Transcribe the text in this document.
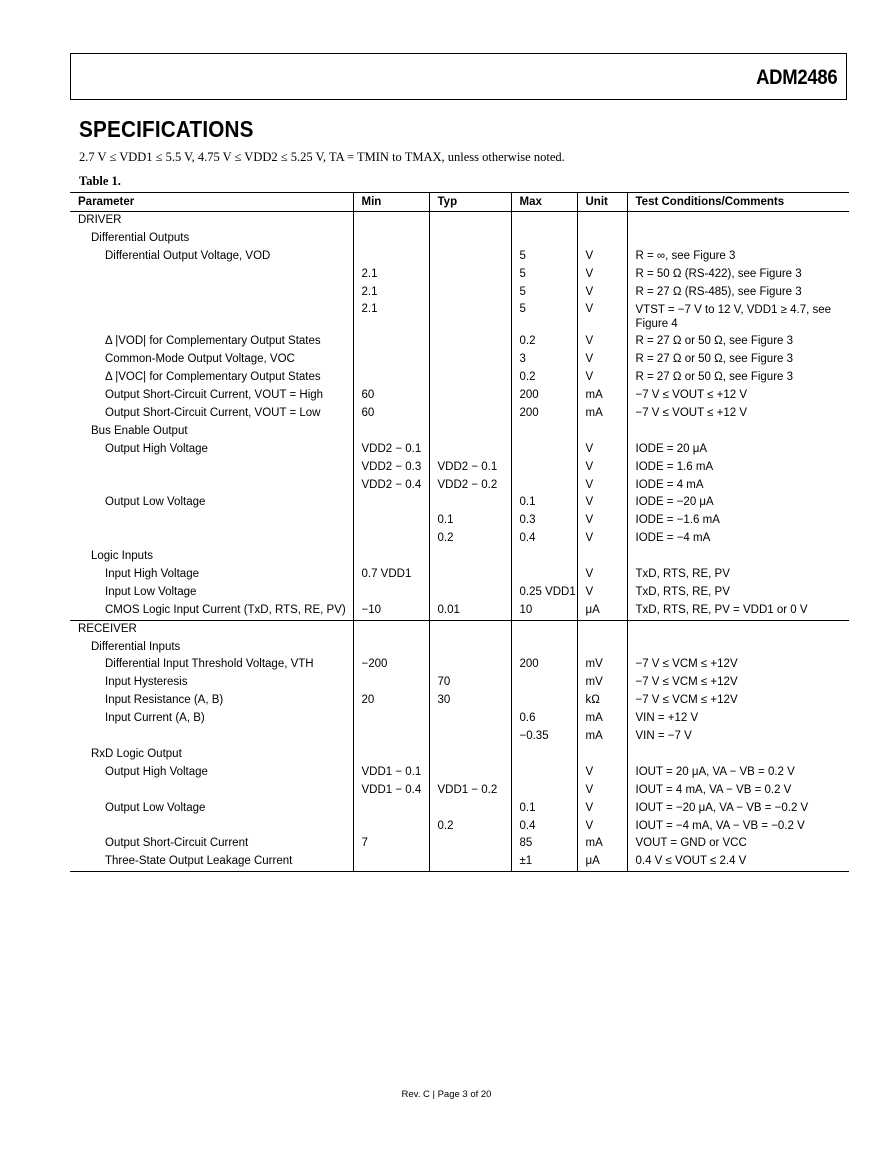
ADM2486
SPECIFICATIONS
2.7 V ≤ VDD1 ≤ 5.5 V, 4.75 V ≤ VDD2 ≤ 5.25 V, TA = TMIN to TMAX, unless otherwise noted.
Table 1.
Parameter	Min	Typ	Max	Unit	Test Conditions/Comments
DRIVER					
Differential Outputs					
Differential Output Voltage, VOD			5	V	R = ∞, see Figure 3
	2.1		5	V	R = 50 Ω (RS-422), see Figure 3
	2.1		5	V	R = 27 Ω (RS-485), see Figure 3
	2.1		5	V	VTST = −7 V to 12 V, VDD1 ≥ 4.7, see Figure 4
Δ |VOD| for Complementary Output States			0.2	V	R = 27 Ω or 50 Ω, see Figure 3
Common-Mode Output Voltage, VOC			3	V	R = 27 Ω or 50 Ω, see Figure 3
Δ |VOC| for Complementary Output States			0.2	V	R = 27 Ω or 50 Ω, see Figure 3
Output Short-Circuit Current, VOUT = High	60		200	mA	−7 V ≤ VOUT ≤ +12 V
Output Short-Circuit Current, VOUT = Low	60		200	mA	−7 V ≤ VOUT ≤ +12 V
Bus Enable Output					
Output High Voltage	VDD2 − 0.1			V	IODE = 20 μA
	VDD2 − 0.3	VDD2 − 0.1		V	IODE = 1.6 mA
	VDD2 − 0.4	VDD2 − 0.2		V	IODE = 4 mA
Output Low Voltage			0.1	V	IODE = −20 μA
		0.1	0.3	V	IODE = −1.6 mA
		0.2	0.4	V	IODE = −4 mA
Logic Inputs					
Input High Voltage	0.7 VDD1			V	TxD, RTS, RE, PV
Input Low Voltage			0.25 VDD1	V	TxD, RTS, RE, PV
CMOS Logic Input Current (TxD, RTS, RE, PV)	−10	0.01	10	μA	TxD, RTS, RE, PV = VDD1 or 0 V
RECEIVER					
Differential Inputs					
Differential Input Threshold Voltage, VTH	−200		200	mV	−7 V ≤ VCM ≤ +12V
Input Hysteresis		70		mV	−7 V ≤ VCM ≤ +12V
Input Resistance (A, B)	20	30		kΩ	−7 V ≤ VCM ≤ +12V
Input Current (A, B)			0.6	mA	VIN = +12 V
			−0.35	mA	VIN = −7 V
RxD Logic Output					
Output High Voltage	VDD1 − 0.1			V	IOUT = 20 μA, VA − VB = 0.2 V
	VDD1 − 0.4	VDD1 − 0.2		V	IOUT = 4 mA, VA − VB = 0.2 V
Output Low Voltage			0.1	V	IOUT = −20 μA, VA − VB = −0.2 V
		0.2	0.4	V	IOUT = −4 mA, VA − VB = −0.2 V
Output Short-Circuit Current	7		85	mA	VOUT = GND or VCC
Three-State Output Leakage Current			±1	μA	0.4 V ≤ VOUT ≤ 2.4 V
Rev. C | Page 3 of 20
